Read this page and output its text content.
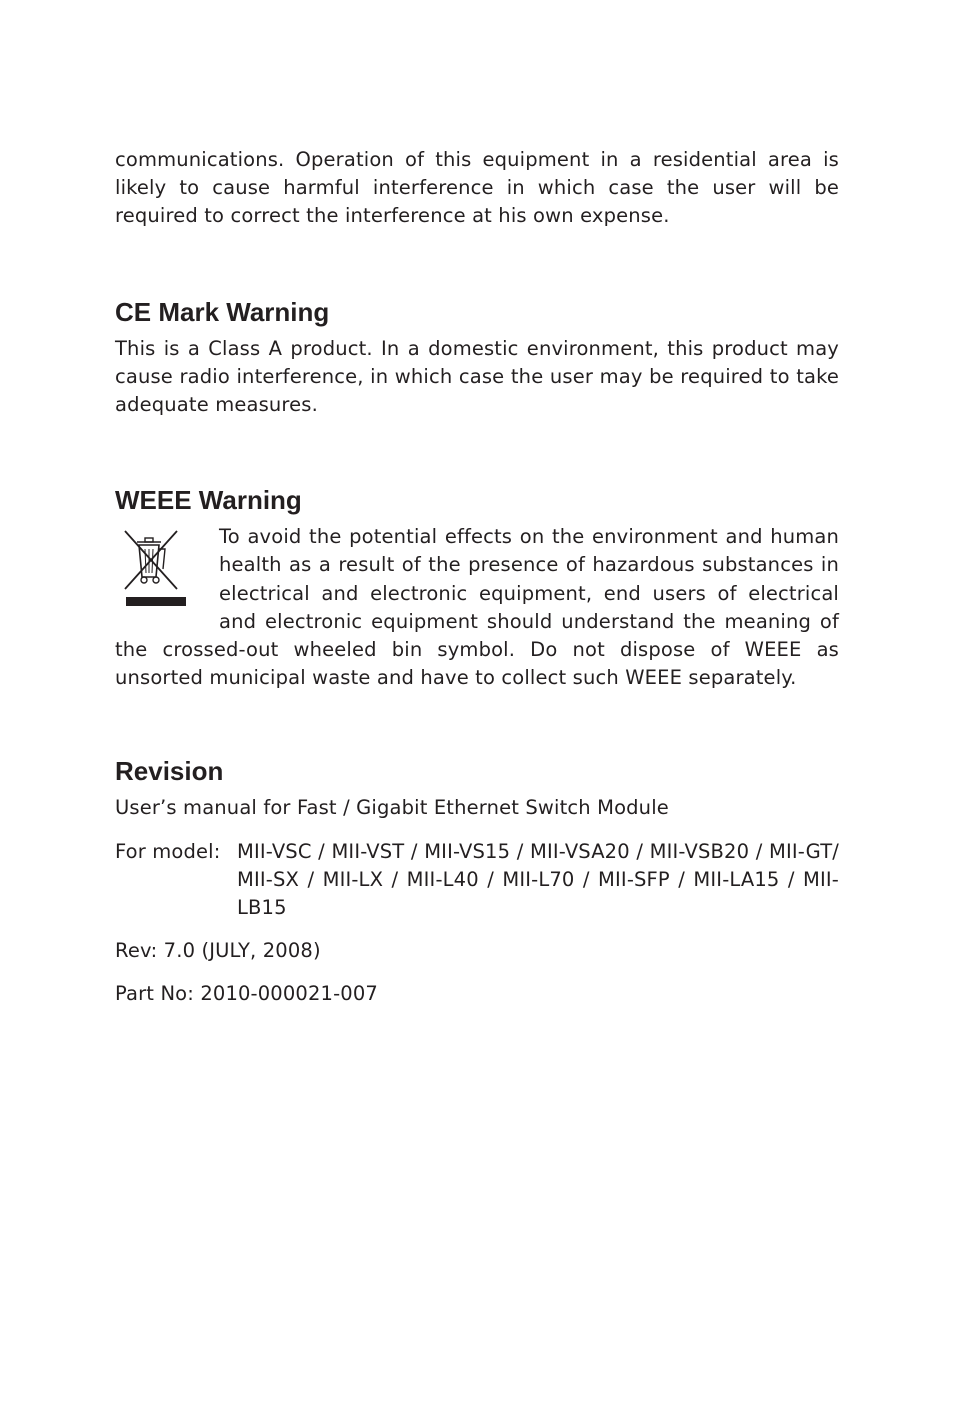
communications. Operation of this equipment in a residential area is likely to cause harmful interference in which case the user will be required to correct the interference at his own expense.

CE Mark Warning

This is a Class A product. In a domestic environment, this product may cause radio interference, in which case the user may be required to take adequate measures.

WEEE Warning

To avoid the potential effects on the environment and human health as a result of the presence of hazardous substances in electrical and electronic equipment, end users of electrical and electronic equipment should understand the meaning of the crossed-out wheeled bin symbol. Do not dispose of WEEE as unsorted municipal waste and have to collect such WEEE separately.

Revision
User’s manual for Fast / Gigabit Ethernet Switch Module
For model: MII-VSC / MII-VST / MII-VS15 / MII-VSA20 / MII-VSB20 / MII-GT/ MII-SX / MII-LX / MII-L40 / MII-L70 / MII-SFP / MII-LA15 / MII-LB15
Rev: 7.0 (JULY, 2008)
Part No: 2010-000021-007
